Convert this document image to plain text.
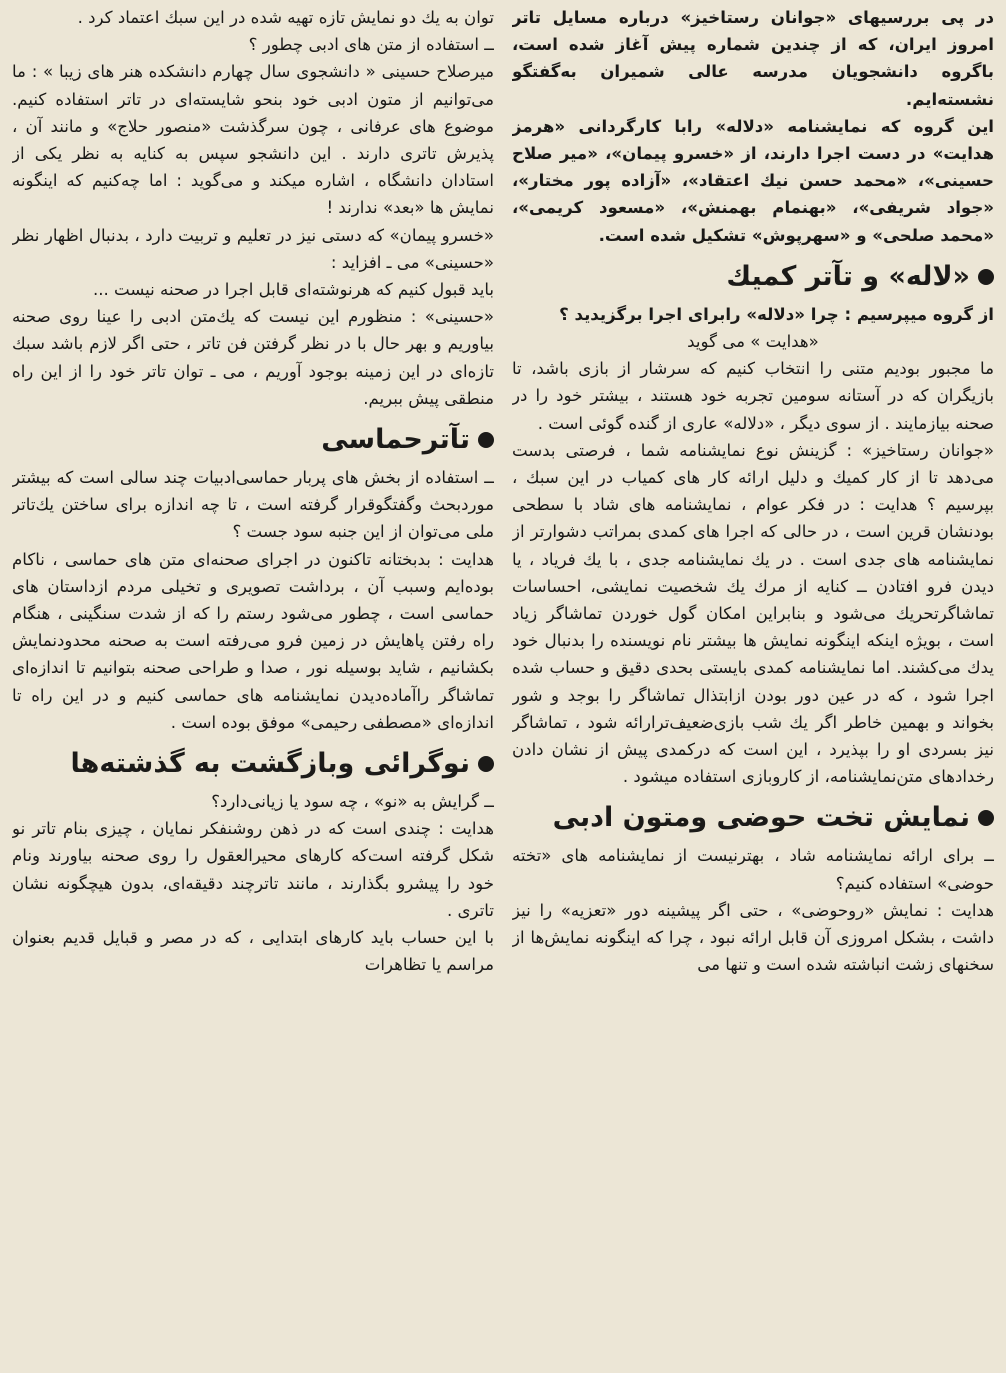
در پی بررسیهای «جوانان رستاخیز» درباره مسایل تاتر امروز ایران، که از چندین شماره پیش آغاز شده است، باگروه دانشجویان مدرسه عالی شمیران به‌گفتگو نشسته‌ایم.

این گروه که نمایشنامه «دلاله» رابا کارگردانی «هرمز هدایت» در دست اجرا دارند، از «خسرو پیمان»، «میر صلاح حسینی»، «محمد حسن نیك اعتقاد»، «آزاده پور مختار»، «جواد شریفی»، «بهنمام بهمنش»، «مسعود کریمی»، «محمد صلحی» و «سهرپوش» تشکیل شده است.

«لاله» و تآتر کمیك

از گروه میپرسیم : چرا «دلاله» رابرای اجرا برگزیدید ؟

«هدایت » می گوید

ما مجبور بودیم متنی را انتخاب کنیم که سرشار از بازی باشد، تا بازیگران که در آستانه سومین تجربه خود هستند ، بیشتر خود را در صحنه بیازمایند . از سوی دیگر ، «دلاله» عاری از گنده گوئی است .

«جوانان رستاخیز» : گزینش نوع نمایشنامه شما ، فرصتی بدست می‌دهد تا از کار کمیك و دلیل ارائه کار های کمیاب در این سبك ، بپرسیم ؟ هدایت : در فکر عوام ، نمایشنامه های شاد با سطحی بودنشان قرین است ، در حالی که اجرا های کمدی بمراتب دشوارتر از نمایشنامه های جدی است . در یك نمایشنامه جدی ، با یك فریاد ، یا دیدن فرو افتادن ــ کنایه از مرك یك شخصیت نمایشی، احساسات تماشاگرتحریك می‌شود و بنابراین امکان گول خوردن تماشاگر زیاد است ، بویژه اینکه اینگونه نمایش ها بیشتر نام نویسنده را بدنبال خود یدك می‌کشند. اما نمایشنامه کمدی بایستی بحدی دقیق و حساب شده اجرا شود ، که در عین دور بودن ازابتذال تماشاگر را بوجد و شور بخواند و بهمین خاطر اگر یك شب بازی‌ضعیف‌ترارائه شود ، تماشاگر نیز بسردی او را بپذیرد ، این است که درکمدی پیش از نشان دادن رخدادهای متن‌نمایشنامه، از کاروبازی استفاده میشود .

نمایش تخت حوضی ومتون ادبی

ــ برای ارائه نمایشنامه شاد ، بهترنیست از نمایشنامه های «تخته حوضی» استفاده کنیم؟

هدایت : نمایش «روحوضی» ، حتی اگر پیشینه دور «تعزیه» را نیز داشت ، بشکل امروزی آن قابل ارائه نبود ، چرا که اینگونه نمایش‌ها از سخنهای زشت انباشته شده است و تنها می

توان به یك دو نمایش تازه تهیه شده در این سبك اعتماد کرد .

ــ استفاده از متن های ادبی چطور ؟

میرصلاح حسینی « دانشجوی سال چهارم دانشکده هنر های زیبا » : ما می‌توانیم از متون ادبی خود بنحو شایسته‌ای در تاتر استفاده کنیم. موضوع های عرفانی ، چون سرگذشت «منصور حلاج» و مانند آن ، پذیرش تاتری دارند . این دانشجو سپس به کنایه به نظر یکی از استادان دانشگاه ، اشاره میکند و می‌گوید : اما چه‌کنیم که اینگونه نمایش ها «بعد» ندارند !

«خسرو پیمان» که دستی نیز در تعلیم و تربیت دارد ، بدنبال اظهار نظر «حسینی» می ـ افزاید :

باید قبول کنیم که هرنوشته‌ای قابل اجرا در صحنه نیست ...

«حسینی» : منظورم این نیست که یك‌متن ادبی را عینا روی صحنه بیاوریم و بهر حال با در نظر گرفتن فن تاتر ، حتی اگر لازم باشد سبك تازه‌ای در این زمینه بوجود آوریم ، می ـ توان تاتر خود را از این راه منطقی پیش ببریم.

تآترحماسی

ــ استفاده از بخش های پربار حماسی‌ادبیات چند سالی است که بیشتر موردبحث وگفتگوقرار گرفته است ، تا چه اندازه برای ساختن یك‌تاتر ملی می‌توان از این جنبه سود جست ؟

هدایت : بدبختانه تاکنون در اجرای صحنه‌ای متن های حماسی ، ناکام بوده‌ایم وسبب آن ، برداشت تصویری و تخیلی مردم ازداستان های حماسی است ، چطور می‌شود رستم را که از شدت سنگینی ، هنگام راه رفتن پاهایش در زمین فرو می‌رفته است به صحنه محدودنمایش بکشانیم ، شاید بوسیله نور ، صدا و طراحی صحنه بتوانیم تا اندازه‌ای تماشاگر راآماده‌دیدن نمایشنامه های حماسی کنیم و در این راه تا اندازه‌ای «مصطفی رحیمی» موفق بوده است .

نوگرائی وبازگشت به گذشته‌ها

ــ گرایش به «نو» ، چه سود یا زیانی‌دارد؟

هدایت : چندی است که در ذهن روشنفکر نمایان ، چیزی بنام تاتر نو شکل گرفته است‌که کارهای محیرالعقول را روی صحنه بیاورند ونام خود را پیشرو بگذارند ، مانند تاترچند دقیقه‌ای، بدون هیچگونه نشان تاتری .

با این حساب باید کارهای ابتدایی ، که در مصر و قبایل قدیم بعنوان مراسم یا تظاهرات
